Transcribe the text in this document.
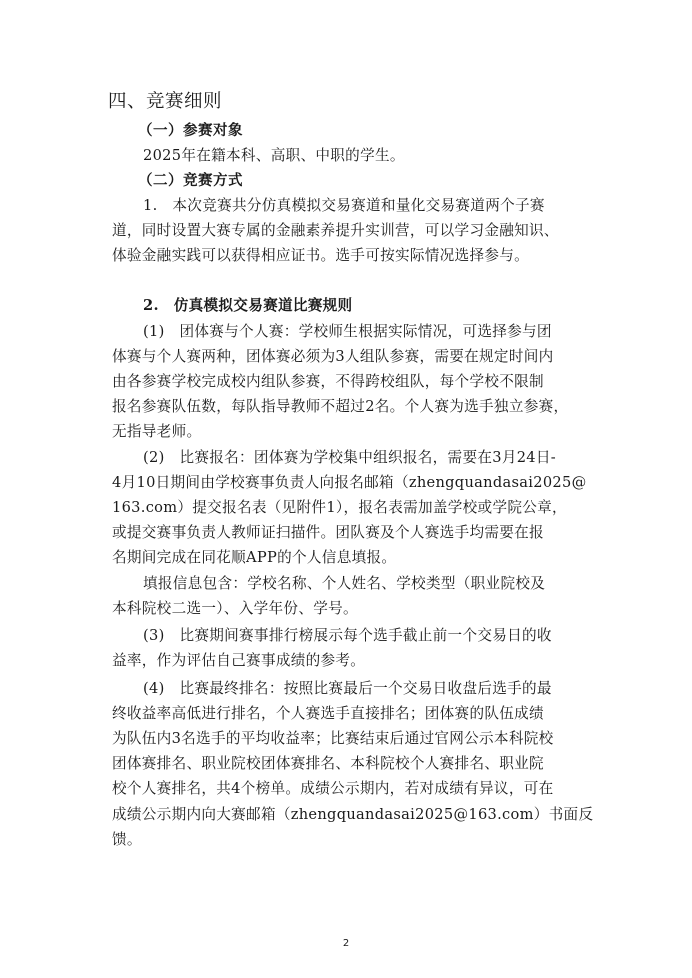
四、竞赛细则
（一）参赛对象
2025年在籍本科、高职、中职的学生。
（二）竞赛方式
1.　本次竞赛共分仿真模拟交易赛道和量化交易赛道两个子赛
道，同时设置大赛专属的金融素养提升实训营，可以学习金融知识、
体验金融实践可以获得相应证书。选手可按实际情况选择参与。
2.　仿真模拟交易赛道比赛规则
(1)　团体赛与个人赛：学校师生根据实际情况，可选择参与团
体赛与个人赛两种，团体赛必须为3人组队参赛，需要在规定时间内
由各参赛学校完成校内组队参赛，不得跨校组队，每个学校不限制
报名参赛队伍数，每队指导教师不超过2名。个人赛为选手独立参赛，
无指导老师。
(2)　比赛报名：团体赛为学校集中组织报名，需要在3月24日-
4月10日期间由学校赛事负责人向报名邮箱（zhengquandasai2025@
163.com）提交报名表（见附件1），报名表需加盖学校或学院公章，
或提交赛事负责人教师证扫描件。团队赛及个人赛选手均需要在报
名期间完成在同花顺APP的个人信息填报。
填报信息包含：学校名称、个人姓名、学校类型（职业院校及
本科院校二选一）、入学年份、学号。
(3)　比赛期间赛事排行榜展示每个选手截止前一个交易日的收
益率，作为评估自己赛事成绩的参考。
(4)　比赛最终排名：按照比赛最后一个交易日收盘后选手的最
终收益率高低进行排名，个人赛选手直接排名；团体赛的队伍成绩
为队伍内3名选手的平均收益率；比赛结束后通过官网公示本科院校
团体赛排名、职业院校团体赛排名、本科院校个人赛排名、职业院
校个人赛排名，共4个榜单。成绩公示期内，若对成绩有异议，可在
成绩公示期内向大赛邮箱（zhengquandasai2025@163.com）书面反
馈。
2
